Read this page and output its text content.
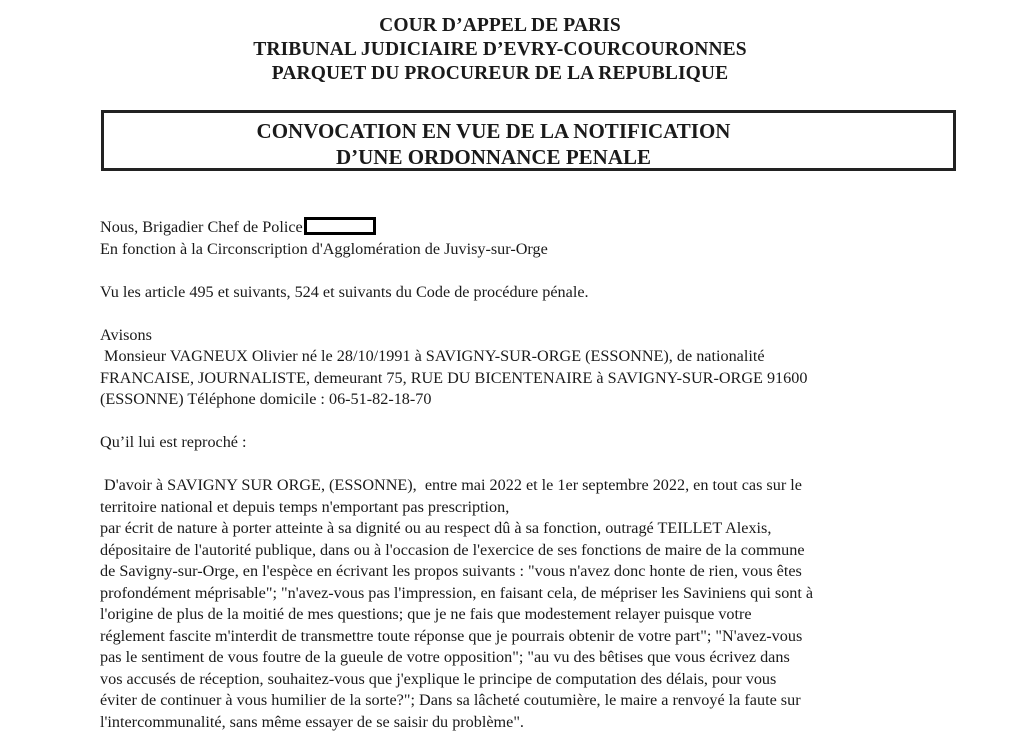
COUR D’APPEL DE PARIS
TRIBUNAL JUDICIAIRE D’EVRY-COURCOURONNES
PARQUET DU PROCUREUR DE LA REPUBLIQUE
CONVOCATION EN VUE DE LA NOTIFICATION
D’UNE ORDONNANCE PENALE
Nous, Brigadier Chef de Police
En fonction à la Circonscription d'Agglomération de Juvisy-sur-Orge
Vu les article 495 et suivants, 524 et suivants du Code de procédure pénale.
Avisons
Monsieur VAGNEUX Olivier né le 28/10/1991 à SAVIGNY-SUR-ORGE (ESSONNE), de nationalité
FRANCAISE, JOURNALISTE, demeurant 75, RUE DU BICENTENAIRE à SAVIGNY-SUR-ORGE 91600
(ESSONNE) Téléphone domicile : 06-51-82-18-70
Qu’il lui est reproché :
D'avoir à SAVIGNY SUR ORGE, (ESSONNE),  entre mai 2022 et le 1er septembre 2022, en tout cas sur le
territoire national et depuis temps n'emportant pas prescription,
par écrit de nature à porter atteinte à sa dignité ou au respect dû à sa fonction, outragé TEILLET Alexis,
dépositaire de l'autorité publique, dans ou à l'occasion de l'exercice de ses fonctions de maire de la commune
de Savigny-sur-Orge, en l'espèce en écrivant les propos suivants : "vous n'avez donc honte de rien, vous êtes
profondément méprisable"; "n'avez-vous pas l'impression, en faisant cela, de mépriser les Saviniens qui sont à
l'origine de plus de la moitié de mes questions; que je ne fais que modestement relayer puisque votre
réglement fascite m'interdit de transmettre toute réponse que je pourrais obtenir de votre part"; "N'avez-vous
pas le sentiment de vous foutre de la gueule de votre opposition"; "au vu des bêtises que vous écrivez dans
vos accusés de réception, souhaitez-vous que j'explique le principe de computation des délais, pour vous
éviter de continuer à vous humilier de la sorte?"; Dans sa lâcheté coutumière, le maire a renvoyé la faute sur
l'intercommunalité, sans même essayer de se saisir du problème".
